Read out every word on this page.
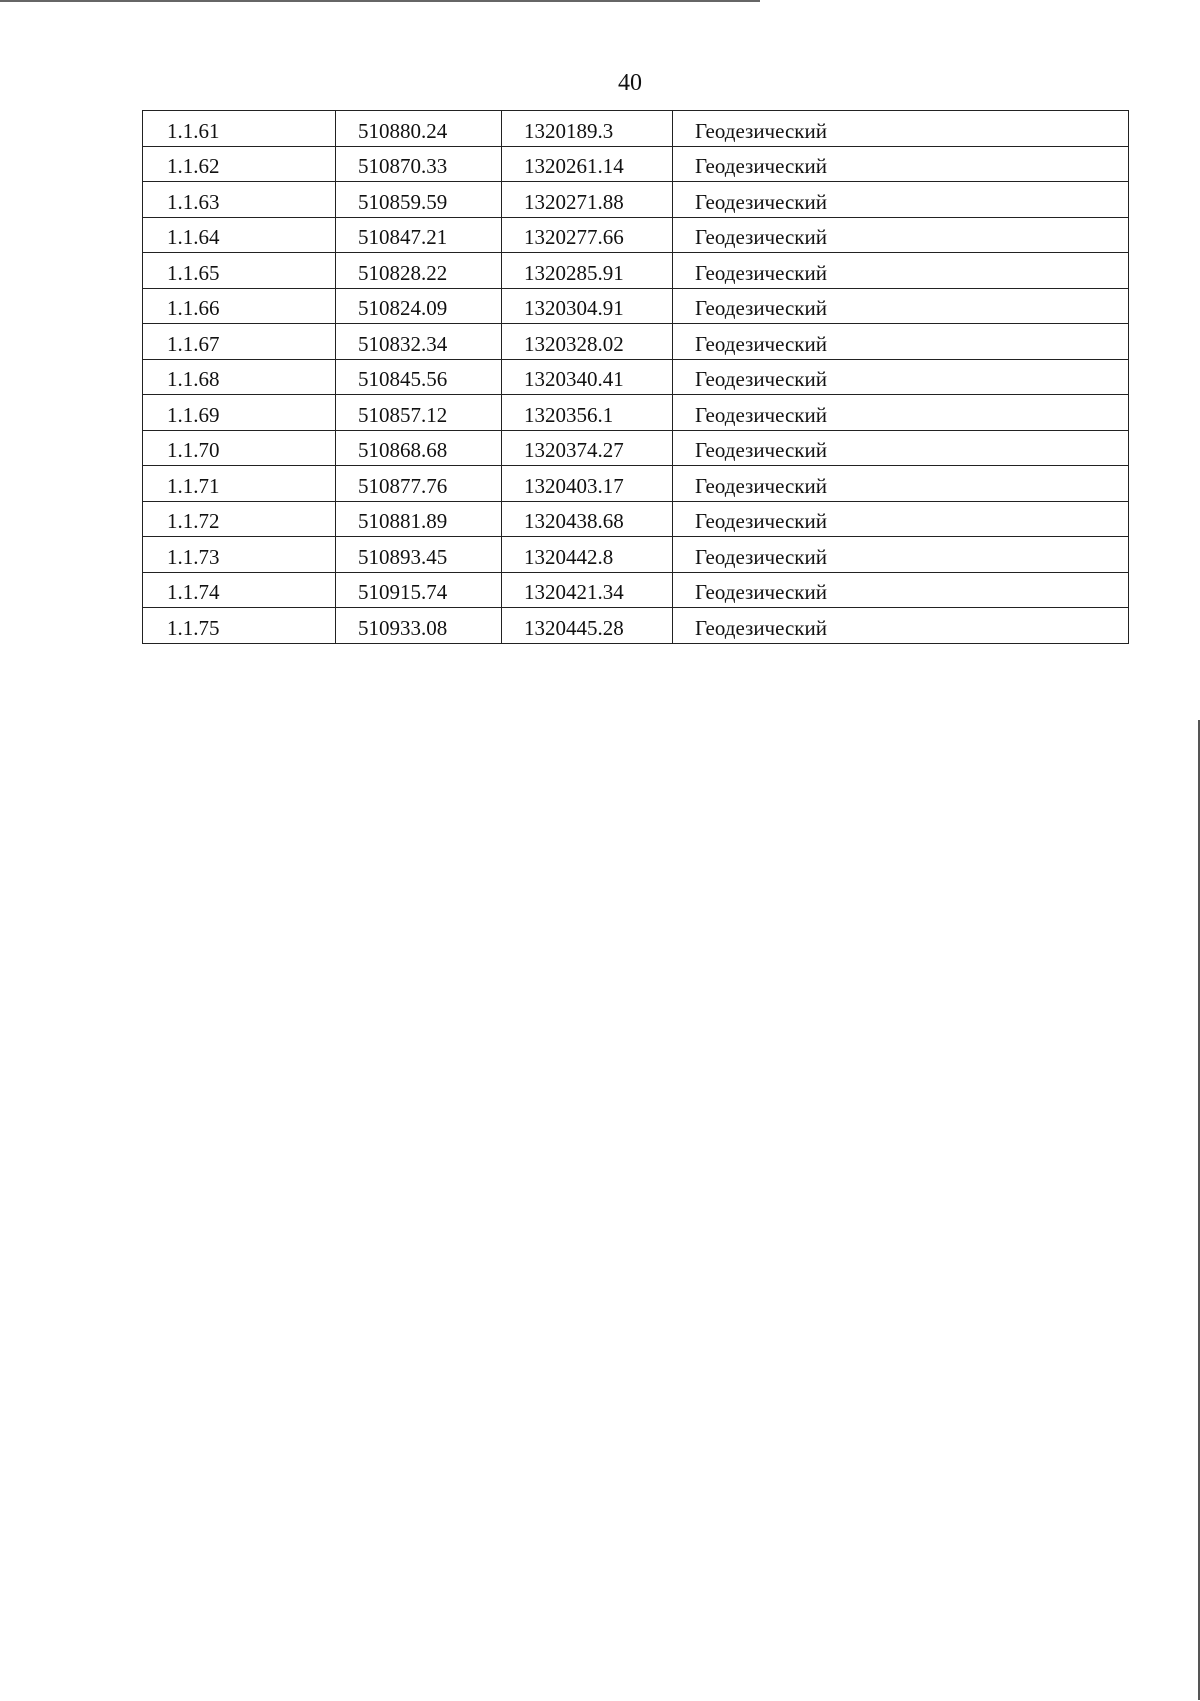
40
1.1.61	510880.24	1320189.3	Геодезический
1.1.62	510870.33	1320261.14	Геодезический
1.1.63	510859.59	1320271.88	Геодезический
1.1.64	510847.21	1320277.66	Геодезический
1.1.65	510828.22	1320285.91	Геодезический
1.1.66	510824.09	1320304.91	Геодезический
1.1.67	510832.34	1320328.02	Геодезический
1.1.68	510845.56	1320340.41	Геодезический
1.1.69	510857.12	1320356.1	Геодезический
1.1.70	510868.68	1320374.27	Геодезический
1.1.71	510877.76	1320403.17	Геодезический
1.1.72	510881.89	1320438.68	Геодезический
1.1.73	510893.45	1320442.8	Геодезический
1.1.74	510915.74	1320421.34	Геодезический
1.1.75	510933.08	1320445.28	Геодезический
